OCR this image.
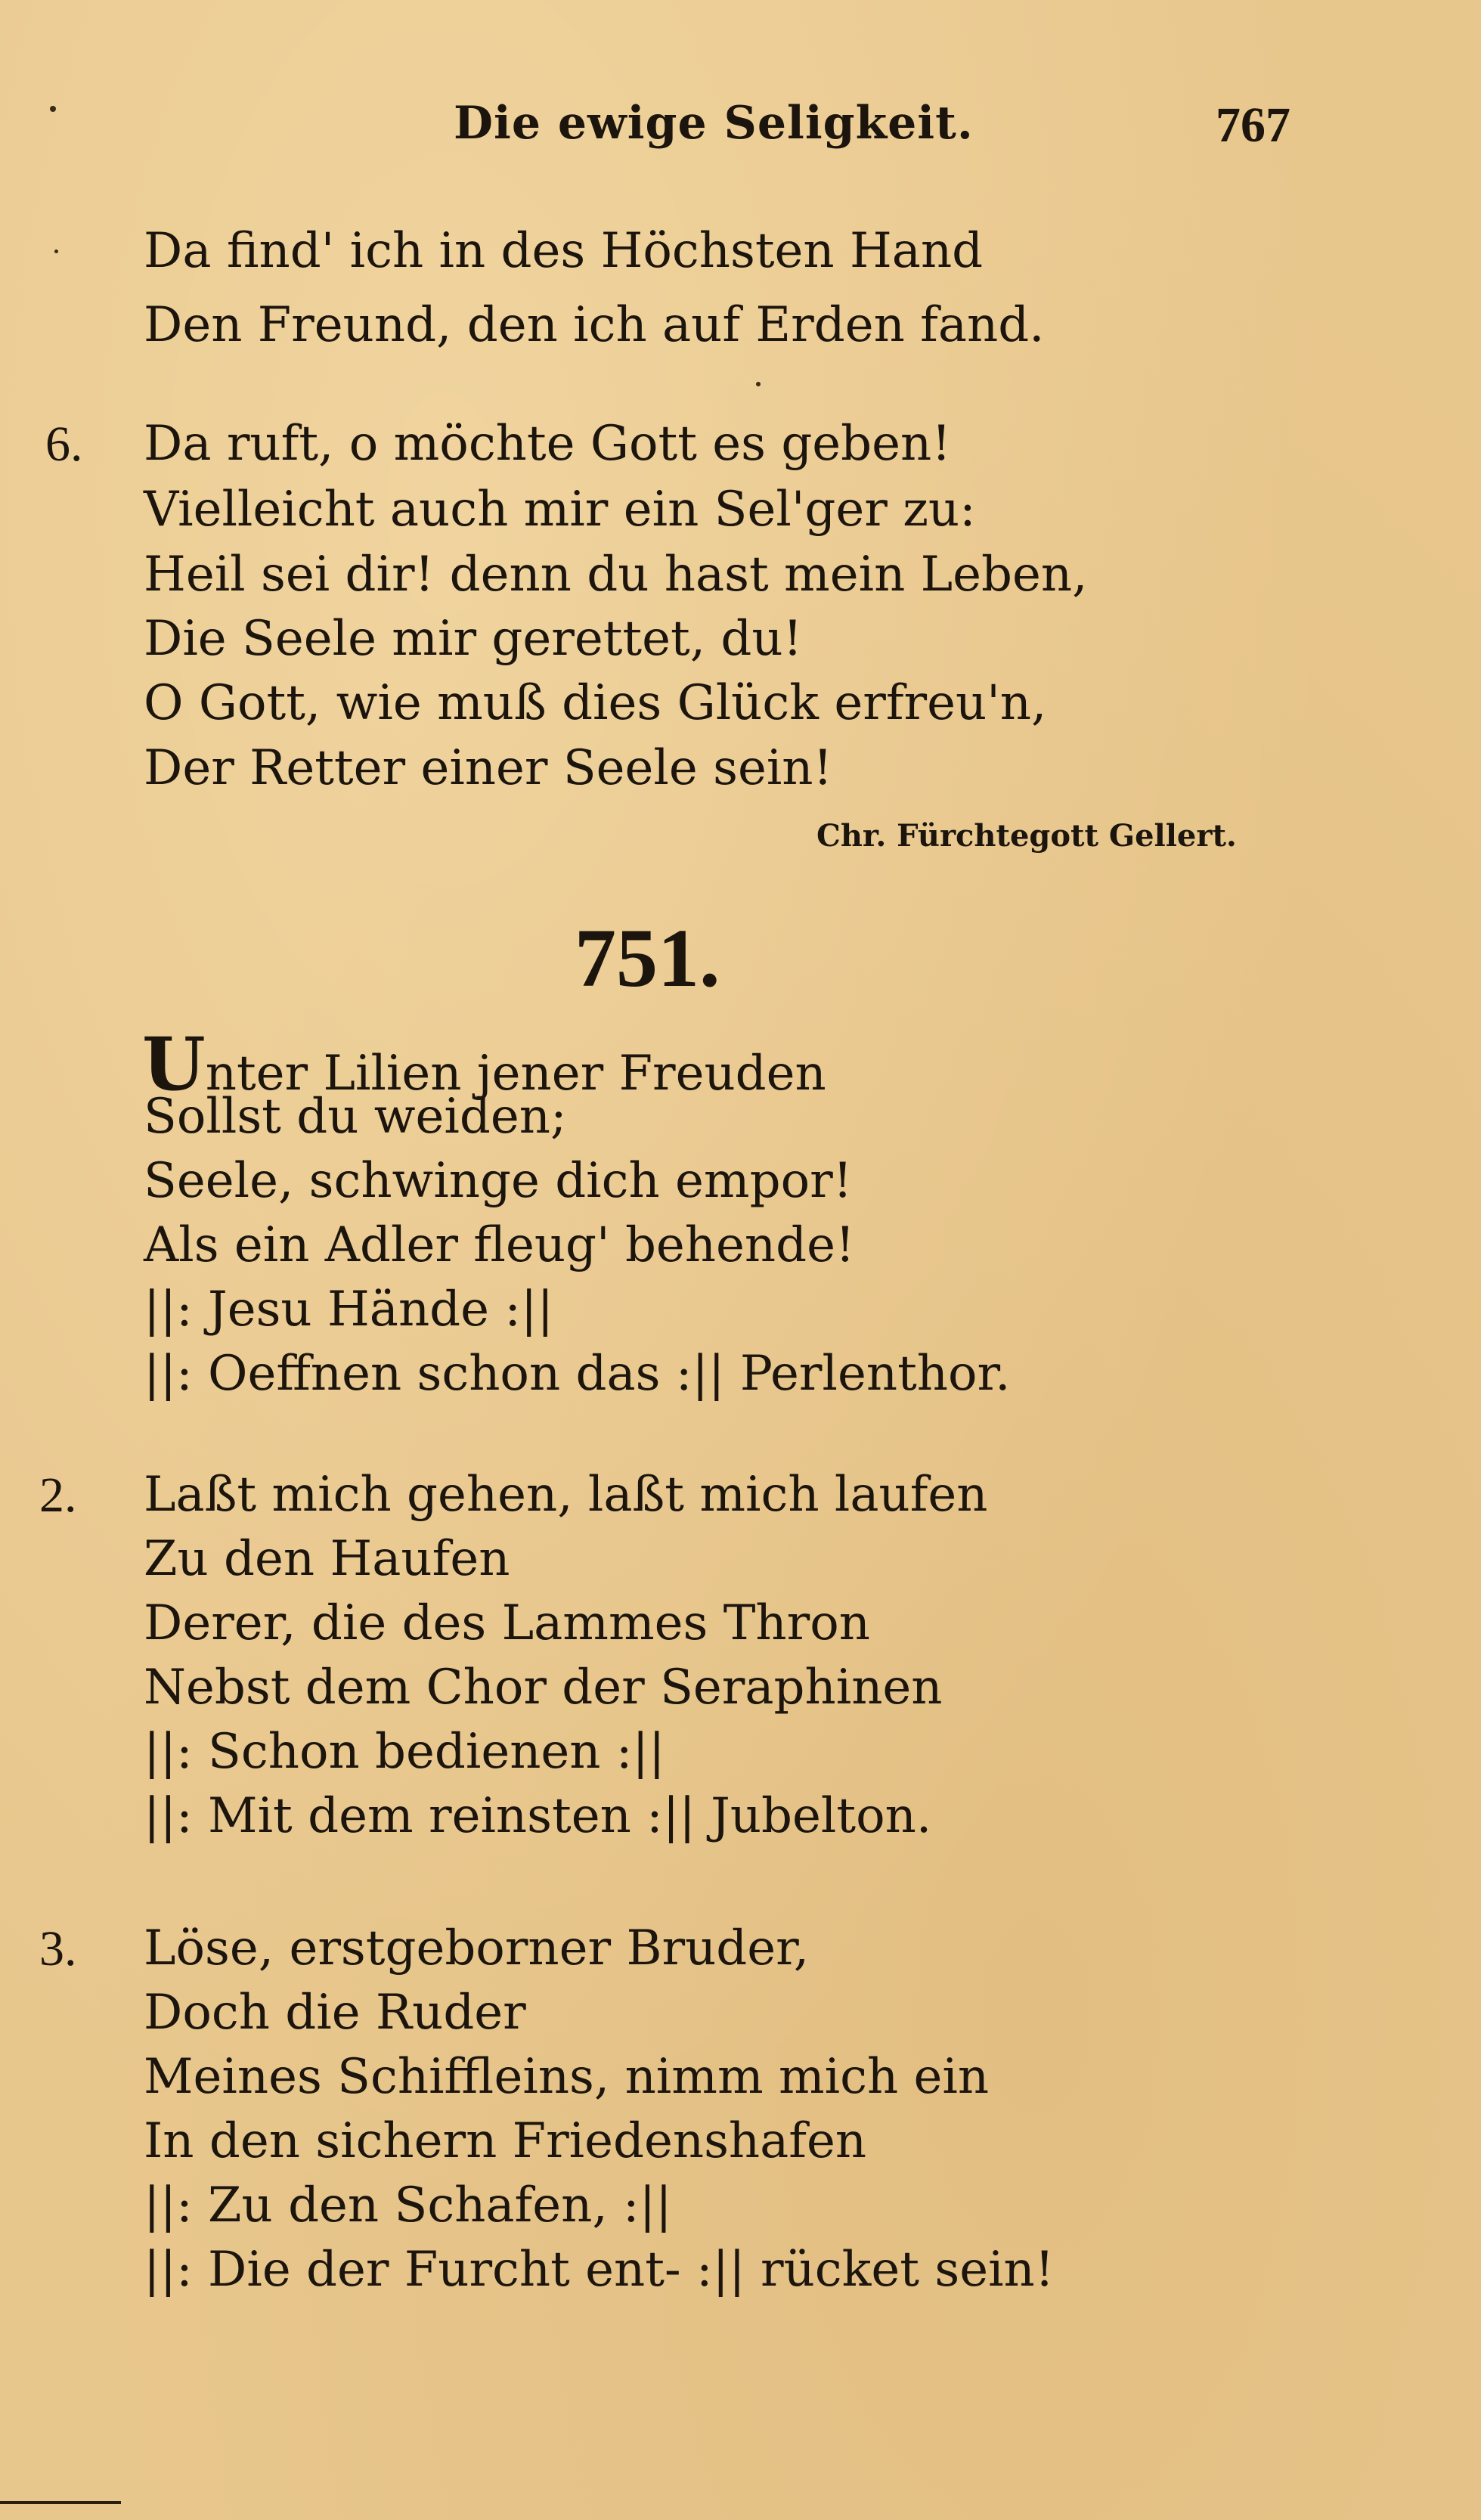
Die ewige Seligkeit.	767
Da find' ich in des Höchsten Hand
Den Freund, den ich auf Erden fand.
6. Da ruft, o möchte Gott es geben!
Vielleicht auch mir ein Sel'ger zu:
Heil sei dir! denn du hast mein Leben,
Die Seele mir gerettet, du!
O Gott, wie muß dies Glück erfreu'n,
Der Retter einer Seele sein!
Chr. Fürchtegott Gellert.
751.
Unter Lilien jener Freuden
Sollst du weiden;
Seele, schwinge dich empor!
Als ein Adler fleug' behende!
||: Jesu Hände :||
||: Oeffnen schon das :|| Perlenthor.
2. Laßt mich gehen, laßt mich laufen
Zu den Haufen
Derer, die des Lammes Thron
Nebst dem Chor der Seraphinen
||: Schon bedienen :||
||: Mit dem reinsten :|| Jubelton.
3. Löse, erstgeborner Bruder,
Doch die Ruder
Meines Schiffleins, nimm mich ein
In den sichern Friedenshafen
||: Zu den Schafen, :||
||: Die der Furcht ent- :|| rücket sein!
